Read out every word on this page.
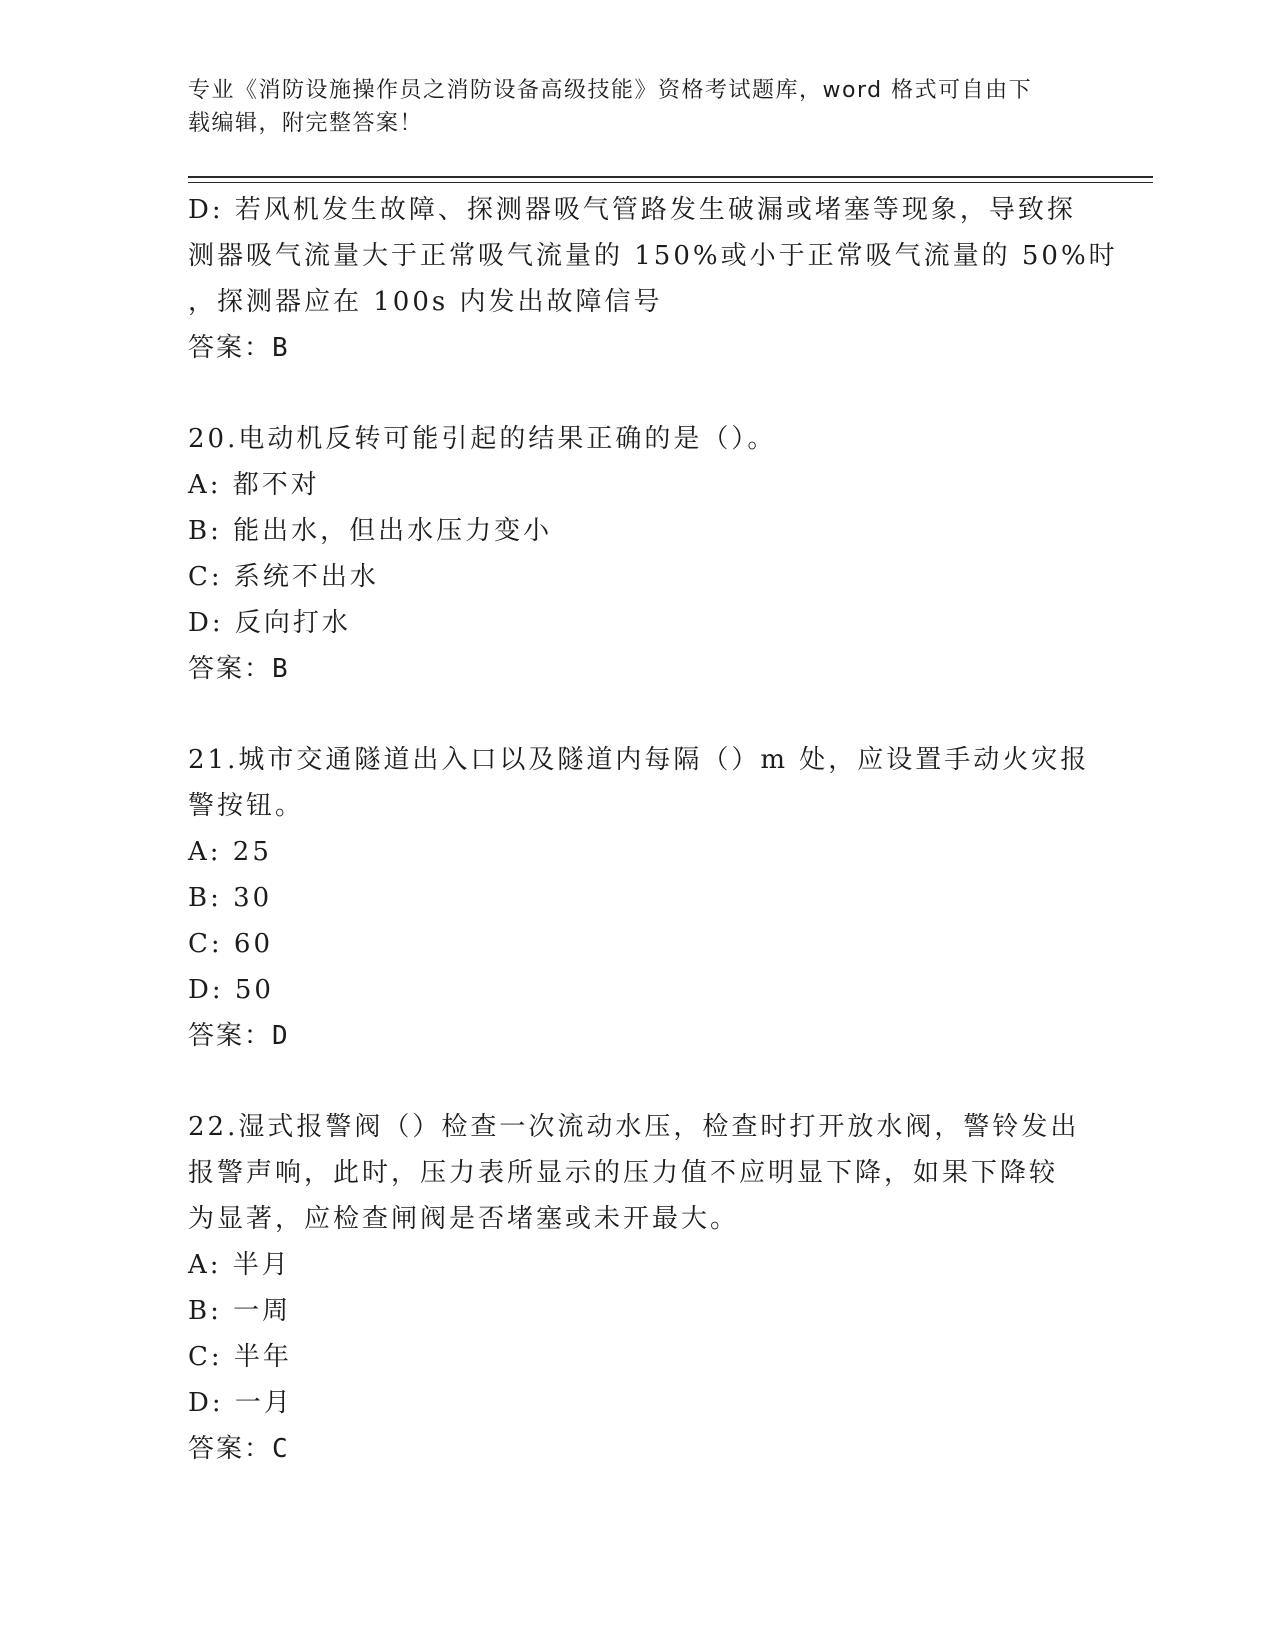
专业《消防设施操作员之消防设备高级技能》资格考试题库，word 格式可自由下
载编辑，附完整答案！
D: 若风机发生故障、探测器吸气管路发生破漏或堵塞等现象，导致探
测器吸气流量大于正常吸气流量的 150%或小于正常吸气流量的 50%时
，探测器应在 100s 内发出故障信号
答案：B
20.电动机反转可能引起的结果正确的是（）。
A: 都不对
B: 能出水，但出水压力变小
C: 系统不出水
D: 反向打水
答案：B
21.城市交通隧道出入口以及隧道内每隔（）m 处，应设置手动火灾报
警按钮。
A: 25
B: 30
C: 60
D: 50
答案：D
22.湿式报警阀（）检查一次流动水压，检查时打开放水阀，警铃发出
报警声响，此时，压力表所显示的压力值不应明显下降，如果下降较
为显著，应检查闸阀是否堵塞或未开最大。
A: 半月
B: 一周
C: 半年
D: 一月
答案：C
